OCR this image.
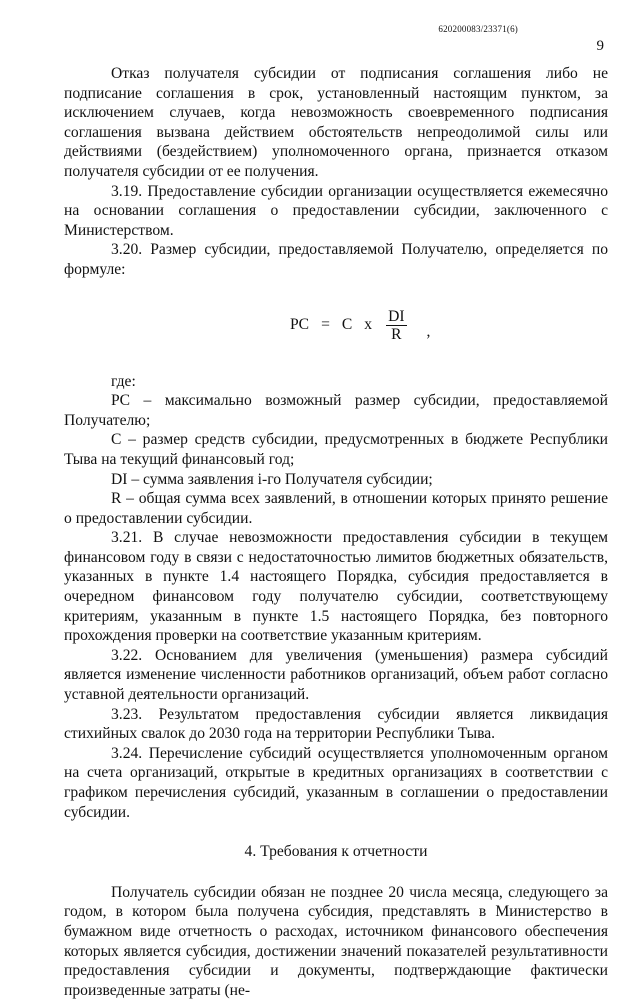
620200083/23371(6)
9

Отказ получателя субсидии от подписания соглашения либо не подписание соглашения в срок, установленный настоящим пунктом, за исключением случаев, когда невозможность своевременного подписания соглашения вызвана действием обстоятельств непреодолимой силы или действиями (бездействием) уполномоченного органа, признается отказом получателя субсидии от ее получения.

3.19. Предоставление субсидии организации осуществляется ежемесячно на основании соглашения о предоставлении субсидии, заключенного с Министерством.

3.20. Размер субсидии, предоставляемой Получателю, определяется по формуле:

PC = C x $\frac{DI}{R}$ ,

где:

PC – максимально возможный размер субсидии, предоставляемой Получателю;

C – размер средств субсидии, предусмотренных в бюджете Республики Тыва на текущий финансовый год;

DI – сумма заявления i-го Получателя субсидии;

R – общая сумма всех заявлений, в отношении которых принято решение о предоставлении субсидии.

3.21. В случае невозможности предоставления субсидии в текущем финансовом году в связи с недостаточностью лимитов бюджетных обязательств, указанных в пункте 1.4 настоящего Порядка, субсидия предоставляется в очередном финансовом году получателю субсидии, соответствующему критериям, указанным в пункте 1.5 настоящего Порядка, без повторного прохождения проверки на соответствие указанным критериям.

3.22. Основанием для увеличения (уменьшения) размера субсидий является изменение численности работников организаций, объем работ согласно уставной деятельности организаций.

3.23. Результатом предоставления субсидии является ликвидация стихийных свалок до 2030 года на территории Республики Тыва.

3.24. Перечисление субсидий осуществляется уполномоченным органом на счета организаций, открытые в кредитных организациях в соответствии с графиком перечисления субсидий, указанным в соглашении о предоставлении субсидии.

4. Требования к отчетности

Получатель субсидии обязан не позднее 20 числа месяца, следующего за годом, в котором была получена субсидия, представлять в Министерство в бумажном виде отчетность о расходах, источником финансового обеспечения которых является субсидия, достижении значений показателей результативности предоставления субсидии и документы, подтверждающие фактически произведенные затраты (не-
